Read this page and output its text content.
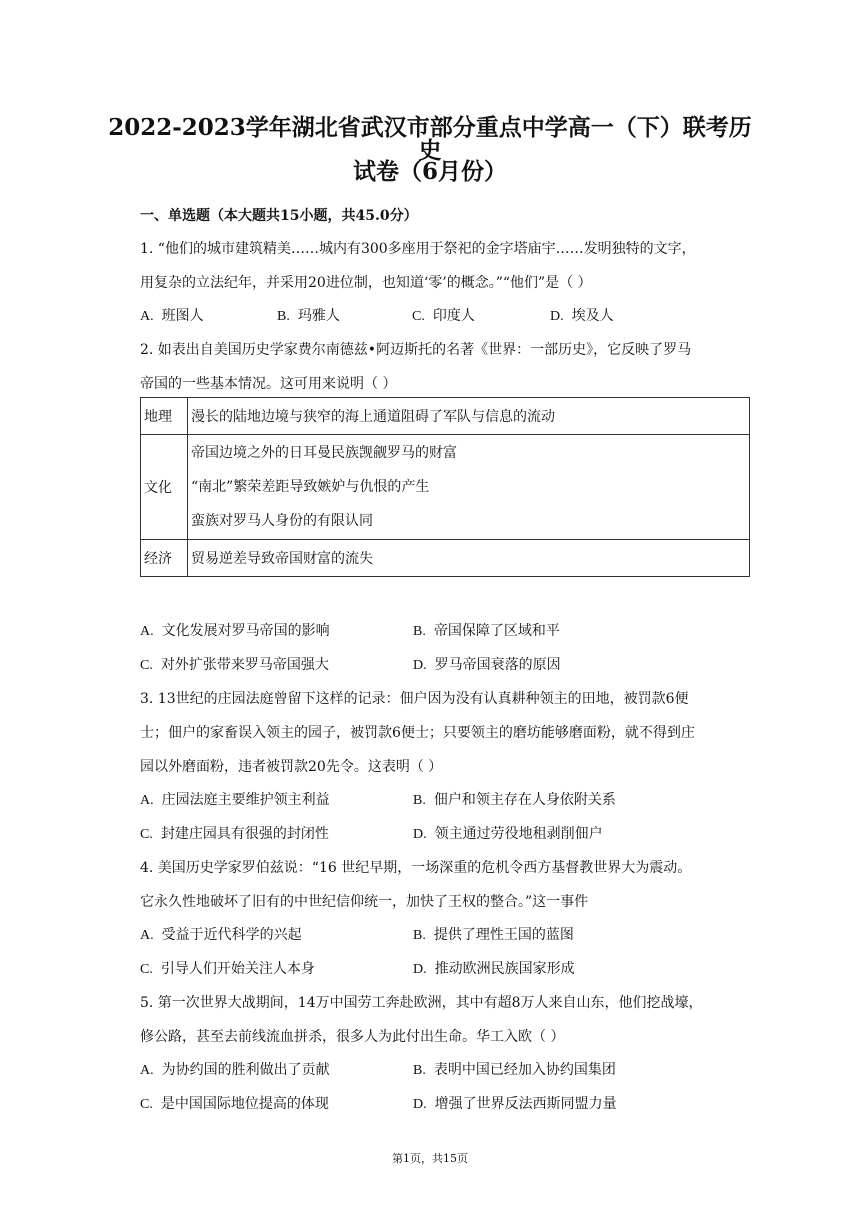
2022-2023学年湖北省武汉市部分重点中学高一（下）联考历史
试卷（6月份）
一、单选题（本大题共15小题，共45.0分）
1. “他们的城市建筑精美……城内有300多座用于祭祀的金字塔庙宇……发明独特的文字，
用复杂的立法纪年，并采用20进位制，也知道‘零’的概念。”“他们”是（ ）
A. 班图人	B. 玛雅人	C. 印度人	D. 埃及人
2. 如表出自美国历史学家费尔南德兹•阿迈斯托的名著《世界：一部历史》，它反映了罗马
帝国的一些基本情况。这可用来说明（ ）
地理	漫长的陆地边境与狭窄的海上通道阻碍了军队与信息的流动
文化	帝国边境之外的日耳曼民族觊觎罗马的财富
“南北”繁荣差距导致嫉妒与仇恨的产生
蛮族对罗马人身份的有限认同

经济	贸易逆差导致帝国财富的流失
A. 文化发展对罗马帝国的影响	B. 帝国保障了区域和平
C. 对外扩张带来罗马帝国强大	D. 罗马帝国衰落的原因
3. 13世纪的庄园法庭曾留下这样的记录：佃户因为没有认真耕种领主的田地，被罚款6便
士；佃户的家畜误入领主的园子，被罚款6便士；只要领主的磨坊能够磨面粉，就不得到庄
园以外磨面粉，违者被罚款20先令。这表明（ ）
A. 庄园法庭主要维护领主利益	B. 佃户和领主存在人身依附关系
C. 封建庄园具有很强的封闭性	D. 领主通过劳役地租剥削佃户
4. 美国历史学家罗伯兹说：“16 世纪早期，一场深重的危机令西方基督教世界大为震动。
它永久性地破坏了旧有的中世纪信仰统一，加快了王权的整合。”这一事件
A. 受益于近代科学的兴起	B. 提供了理性王国的蓝图
C. 引导人们开始关注人本身	D. 推动欧洲民族国家形成
5. 第一次世界大战期间，14万中国劳工奔赴欧洲，其中有超8万人来自山东，他们挖战壕，
修公路，甚至去前线流血拼杀，很多人为此付出生命。华工入欧（ ）
A. 为协约国的胜利做出了贡献	B. 表明中国已经加入协约国集团
C. 是中国国际地位提高的体现	D. 增强了世界反法西斯同盟力量
第1页，共15页
